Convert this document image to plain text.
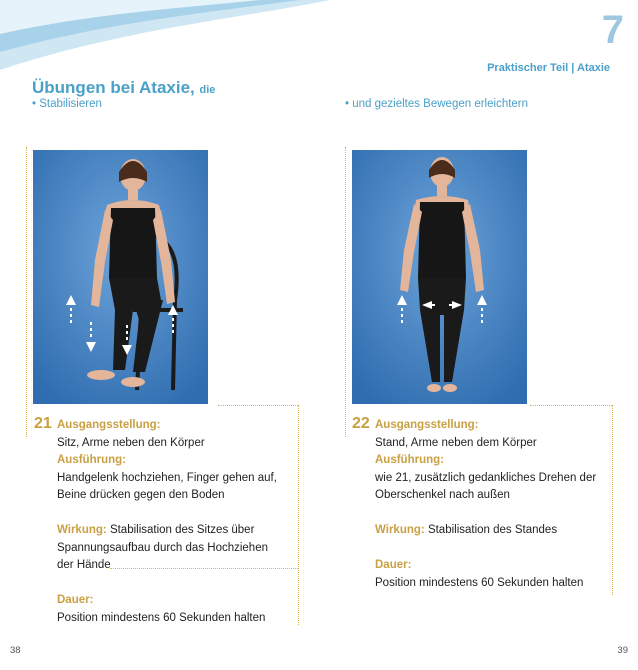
7
Praktischer Teil | Ataxie
Übungen bei Ataxie, die
• Stabilisieren	• und gezieltes Bewegen erleichtern
21 Ausgangsstellung:
Sitz, Arme neben den Körper
Ausführung:
Handgelenk hochziehen, Finger gehen auf,
Beine drücken gegen den Boden
Wirkung: Stabilisation des Sitzes über
Spannungsaufbau durch das Hochziehen
der Hände
Dauer:
Position mindestens 60 Sekunden halten
22 Ausgangsstellung:
Stand, Arme neben dem Körper
Ausführung:
wie 21, zusätzlich gedankliches Drehen der
Oberschenkel nach außen
Wirkung: Stabilisation des Standes
Dauer:
Position mindestens 60 Sekunden halten
38	39
